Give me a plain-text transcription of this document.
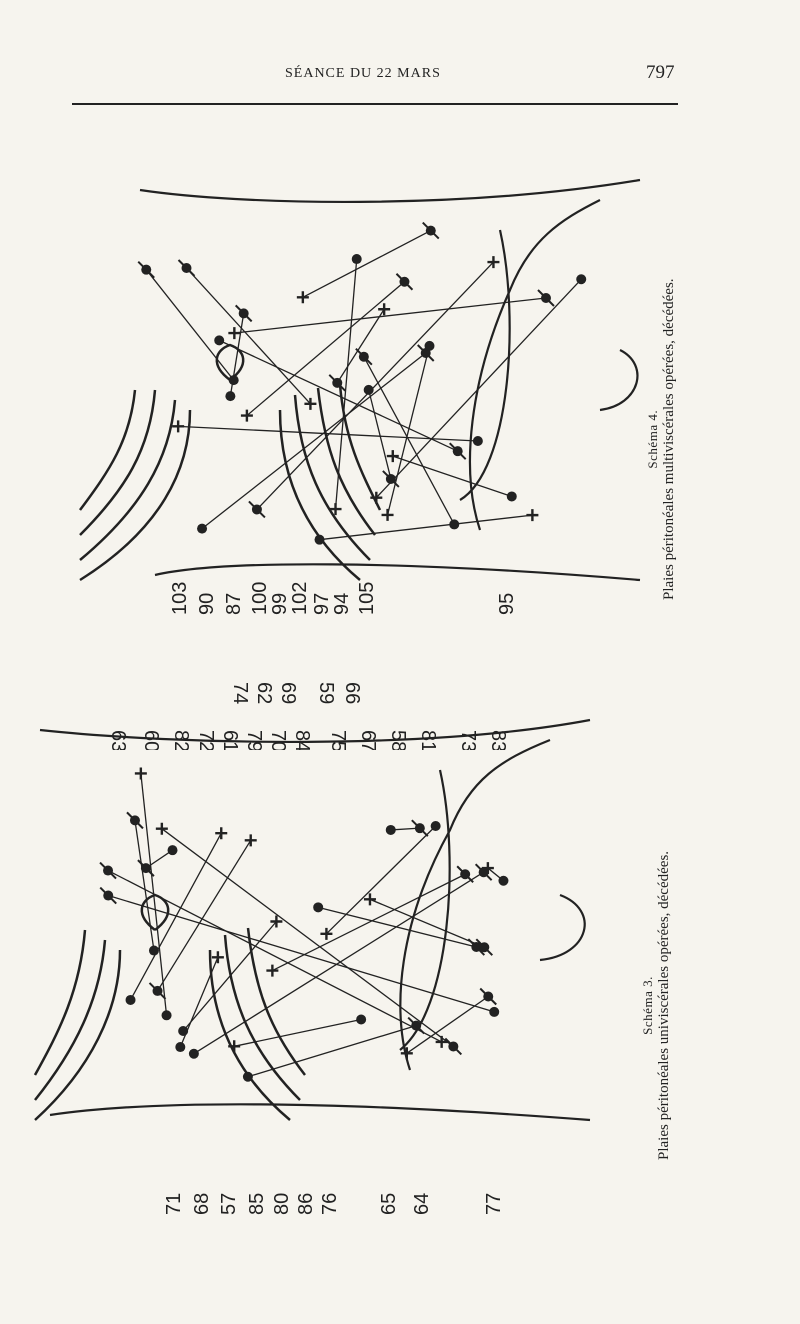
SÉANCE DU 22 MARS	797
Schéma 4. Plaies péritonéales multiviscérales opérées, décédées.
103 90 87 100
99
102 97
94 105	95
63 60 82 72 61
74
79
62
70
69
84
59
75
66
67 58 81 73 83
Schéma 3. Plaies péritonéales univiscérales opérées, décédées.
71 68 57 85 80 86 76 65 64	77
